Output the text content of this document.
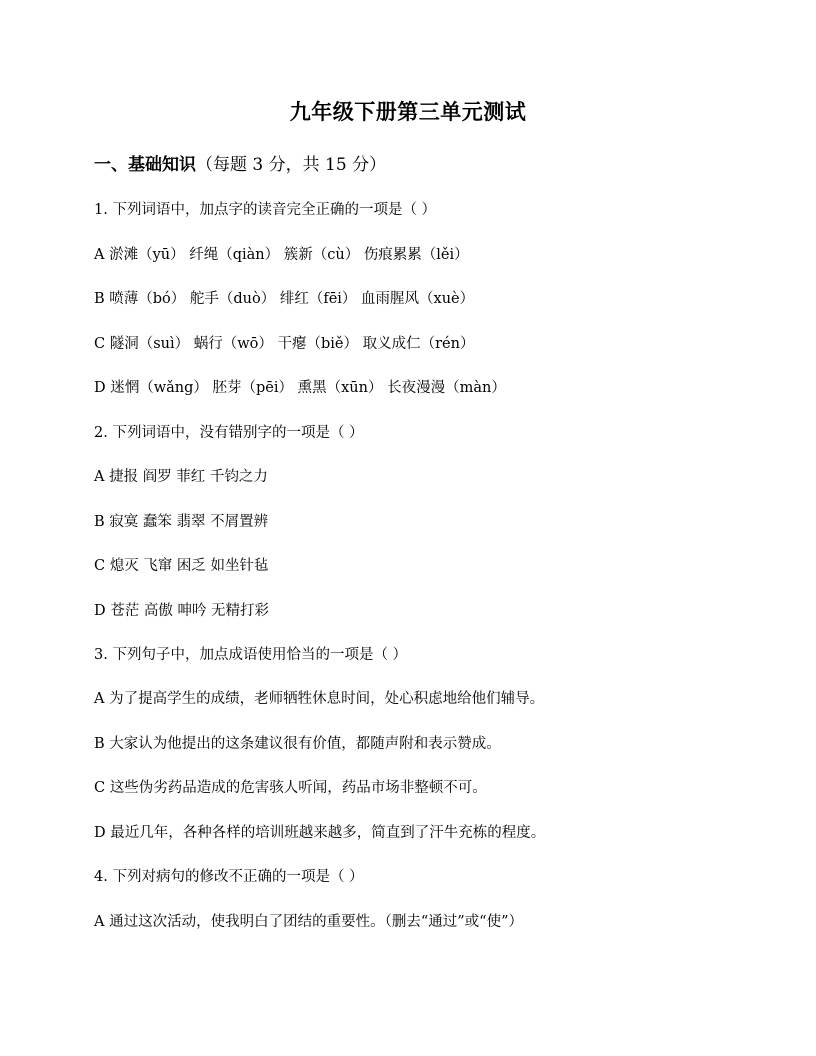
九年级下册第三单元测试
一、基础知识（每题 3 分，共 15 分）
1. 下列词语中，加点字的读音完全正确的一项是（ ）
A 淤滩（yū） 纤绳（qiàn） 簇新（cù） 伤痕累累（lěi）
B 喷薄（bó） 舵手（duò） 绯红（fēi） 血雨腥风（xuè）
C 隧洞（suì） 蜗行（wō） 干瘪（biě） 取义成仁（rén）
D 迷惘（wǎng） 胚芽（pēi） 熏黑（xūn） 长夜漫漫（màn）
2. 下列词语中，没有错别字的一项是（ ）
A 捷报 阎罗 菲红 千钧之力
B 寂寞 蠢笨 翡翠 不屑置辨
C 熄灭 飞窜 困乏 如坐针毡
D 苍茫 高傲 呻吟 无精打彩
3. 下列句子中，加点成语使用恰当的一项是（ ）
A 为了提高学生的成绩，老师牺牲休息时间，处心积虑地给他们辅导。
B 大家认为他提出的这条建议很有价值，都随声附和表示赞成。
C 这些伪劣药品造成的危害骇人听闻，药品市场非整顿不可。
D 最近几年，各种各样的培训班越来越多，简直到了汗牛充栋的程度。
4. 下列对病句的修改不正确的一项是（ ）
A 通过这次活动，使我明白了团结的重要性。（删去“通过”或“使”）
